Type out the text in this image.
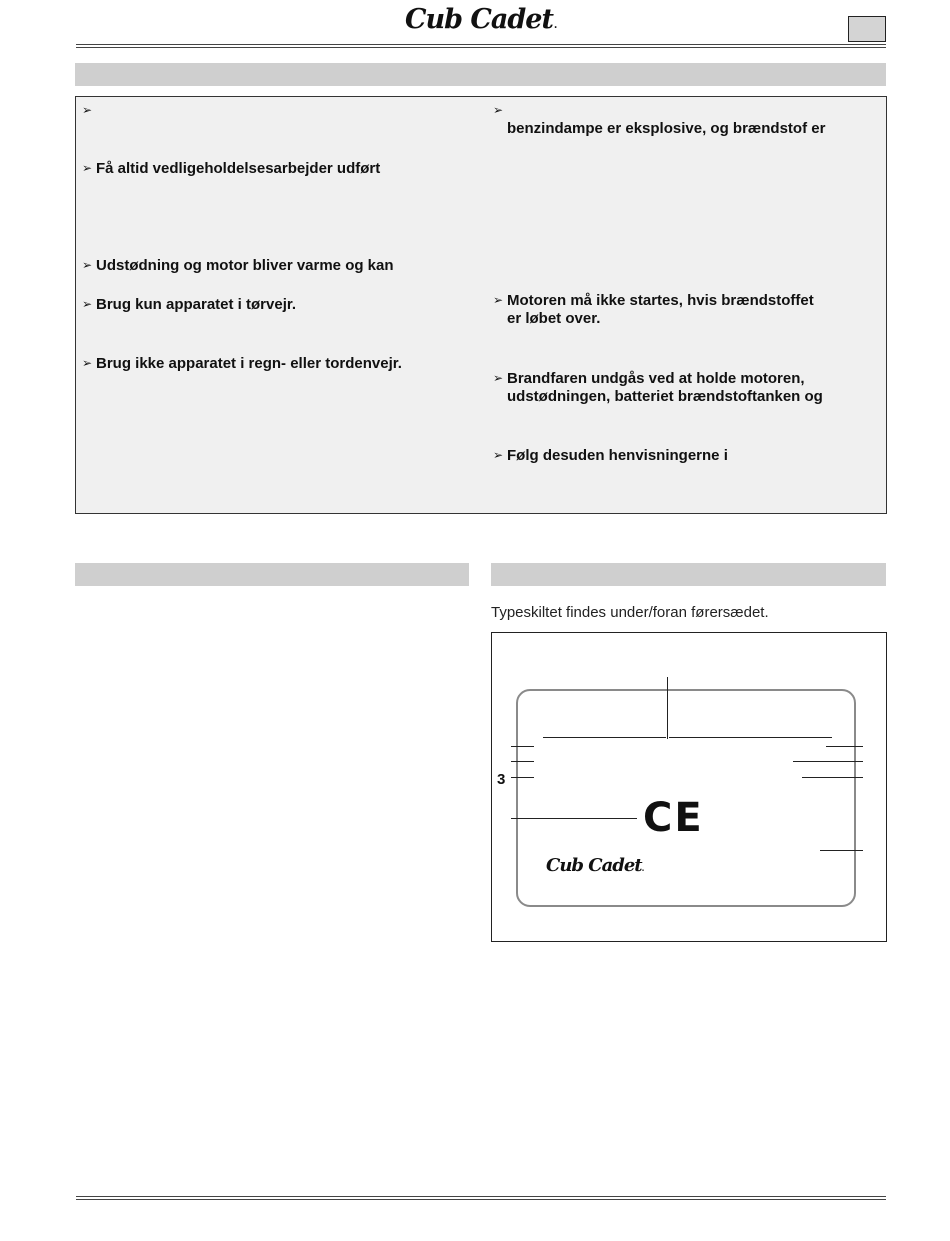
Cub Cadet.
➢
➢ Få altid vedligeholdelsesarbejder udført
➢ Udstødning og motor bliver varme og kan
➢ Brug kun apparatet i tørvejr.
➢ Brug ikke apparatet i regn- eller tordenvejr.
➢
benzindampe er eksplosive, og brændstof er
➢ Motoren må ikke startes, hvis brændstoffet
er løbet over.
➢ Brandfaren undgås ved at holde motoren,
udstødningen, batteriet brændstoftanken og
➢ Følg desuden henvisningerne i
Typeskiltet findes under/foran førersædet.
3
CE
Cub Cadet.
